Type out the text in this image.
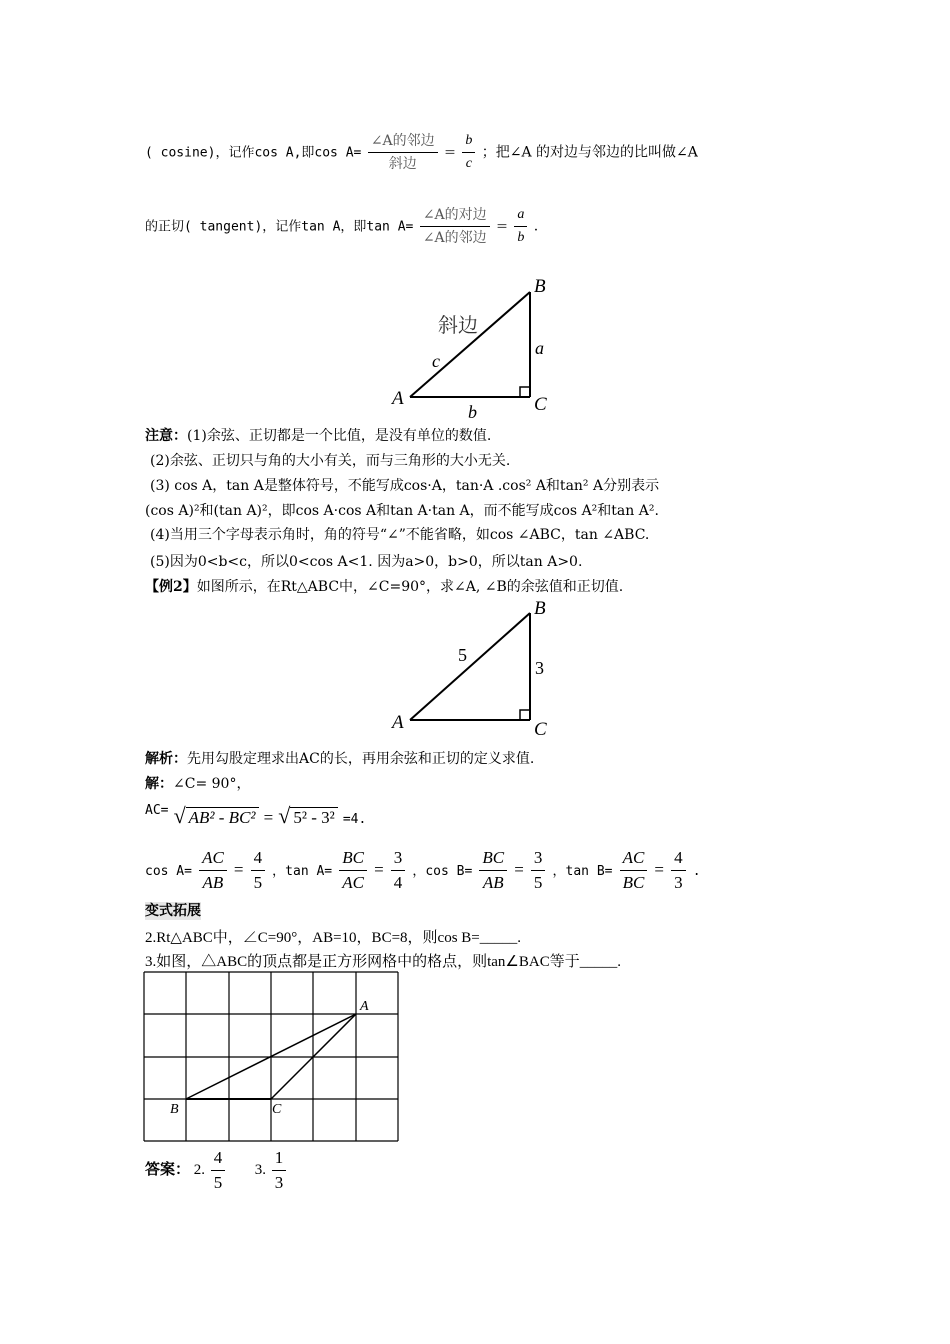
( cosine)，记作cos A,即$\cos A= \frac{\text{∠A的邻边}}{\text{斜边}} = \frac{b}{c}$ ；把∠A 的对边与邻边的比叫做∠A
的正切( tangent)，记作tan A，即$\tan A= \frac{\text{∠A的对边}}{\text{∠A的邻边}} = \frac{a}{b}$ .
斜边
c
a
b
A
B
C
注意：(1)余弦、正切都是一个比值，是没有单位的数值.
(2)余弦、正切只与角的大小有关，而与三角形的大小无关.
(3) cos A，tan A是整体符号，不能写成cos·A，tan·A .cos² A和tan² A分别表示
(cos A)²和(tan A)²，即cos A·cos A和tan A·tan A，而不能写成cos A²和tan A².
(4)当用三个字母表示角时，角的符号“∠”不能省略，如cos ∠ABC，tan ∠ABC.
(5)因为0<b<c，所以0<cos A<1. 因为a>0，b>0，所以tan A>0.
【例2】如图所示，在Rt△ABC中，∠C=90°，求∠A, ∠B的余弦值和正切值.
5
3
A
B
C
解析：先用勾股定理求出AC的长，再用余弦和正切的定义求值.
解：∠C= 90°，
$^{AC=}$ √ AB² - BC² = √ 5² - 3² =4.
$\cos A= \frac{AC}{AB} = \frac{4}{5}$ ，$\tan A= \frac{BC}{AC} = \frac{3}{4}$ ，$\cos B= \frac{BC}{AB} = \frac{3}{5}$ ，$\tan B= \frac{AC}{BC} = \frac{4}{3}$ .
变式拓展
2.Rt△ABC中，∠C=90°，AB=10，BC=8，则cos B=_____.
3.如图，△ABC的顶点都是正方形网格中的格点，则tan∠BAC等于_____.
A
B	C
答案： 2. $\frac{4}{5} 3$. $\frac{1}{3}$
